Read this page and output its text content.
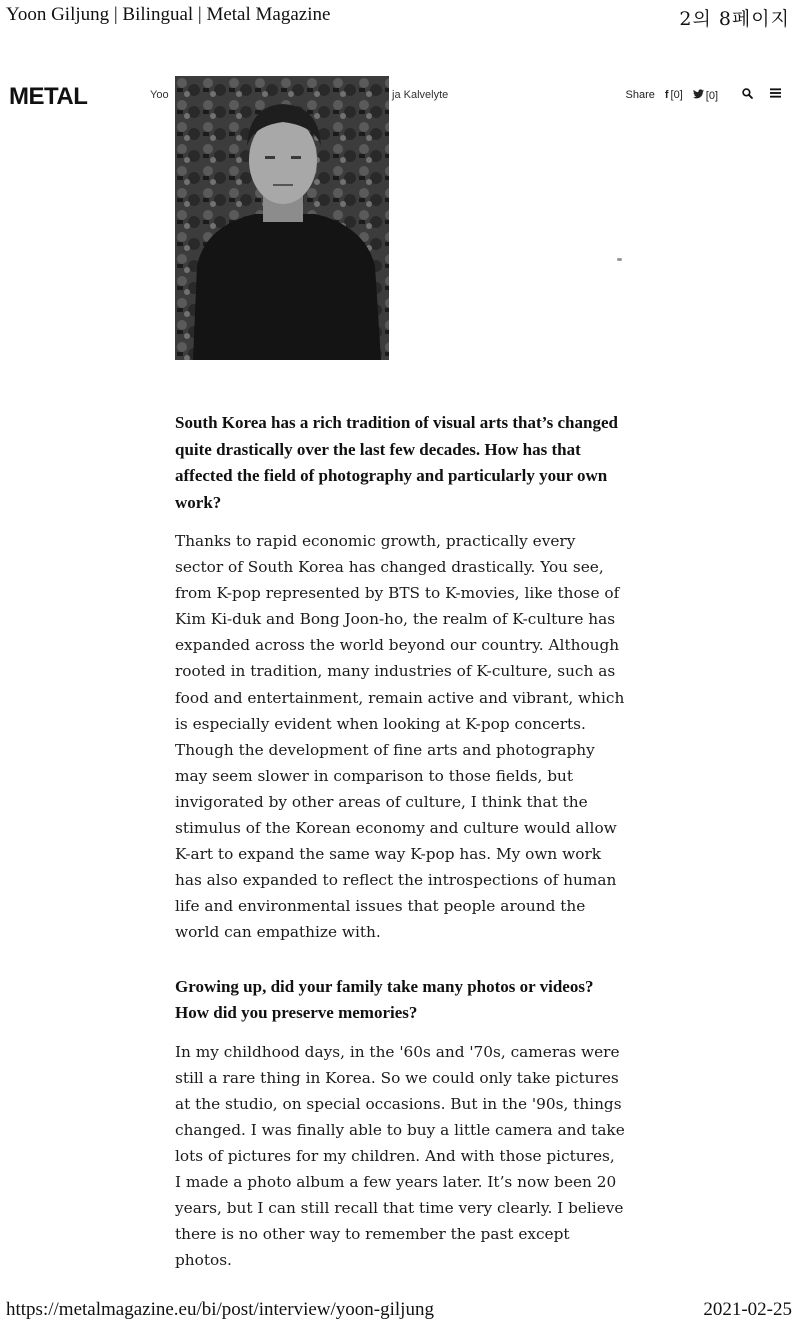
Yoon Giljung | Bilingual | Metal Magazine	2의 8페이지
METAL	Yoo	ja Kalvelyte	Share f [0]	[0]

South Korea has a rich tradition of visual arts that’s changed quite drastically over the last few decades. How has that affected the field of photography and particularly your own work?

Thanks to rapid economic growth, practically every sector of South Korea has changed drastically. You see, from K-pop represented by BTS to K-movies, like those of Kim Ki-duk and Bong Joon-ho, the realm of K-culture has expanded across the world beyond our country. Although rooted in tradition, many industries of K-culture, such as food and entertainment, remain active and vibrant, which is especially evident when looking at K-pop concerts. Though the development of fine arts and photography may seem slower in comparison to those fields, but invigorated by other areas of culture, I think that the stimulus of the Korean economy and culture would allow K-art to expand the same way K-pop has. My own work has also expanded to reflect the introspections of human life and environmental issues that people around the world can empathize with.

Growing up, did your family take many photos or videos? How did you preserve memories?

In my childhood days, in the '60s and '70s, cameras were still a rare thing in Korea. So we could only take pictures at the studio, on special occasions. But in the '90s, things changed. I was finally able to buy a little camera and take lots of pictures for my children. And with those pictures, I made a photo album a few years later. It’s now been 20 years, but I can still recall that time very clearly. I believe there is no other way to remember the past except photos.

https://metalmagazine.eu/bi/post/interview/yoon-giljung	2021-02-25
